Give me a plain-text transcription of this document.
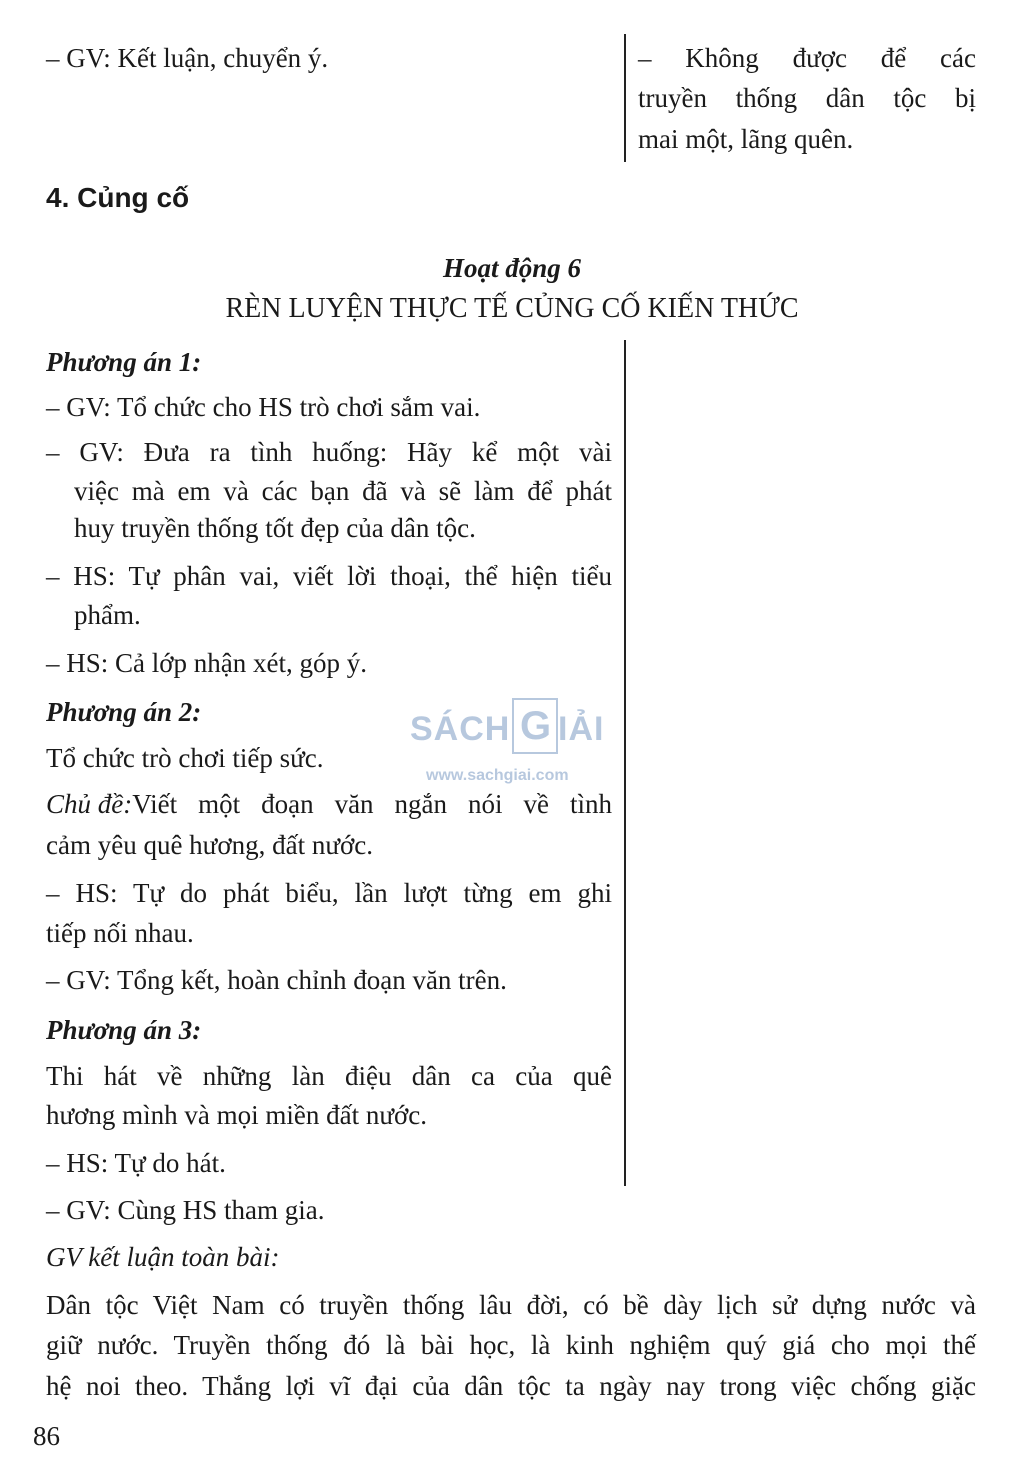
– GV: Kết luận, chuyển ý.	– Không được để các
truyền thống dân tộc bị
mai một, lãng quên.
4. Củng cố
Hoạt động 6
RÈN LUYỆN THỰC TẾ CỦNG CỐ KIẾN THỨC
Phương án 1:
– GV: Tổ chức cho HS trò chơi sắm vai.
– GV: Đưa ra tình huống: Hãy kể một vài
việc mà em và các bạn đã và sẽ làm để phát
huy truyền thống tốt đẹp của dân tộc.
– HS: Tự phân vai, viết lời thoại, thể hiện tiểu
phẩm.
– HS: Cả lớp nhận xét, góp ý.
Phương án 2:
Tổ chức trò chơi tiếp sức.
Chủ đề: Viết một đoạn văn ngắn nói về tình
cảm yêu quê hương, đất nước.
– HS: Tự do phát biểu, lần lượt từng em ghi
tiếp nối nhau.
– GV: Tổng kết, hoàn chỉnh đoạn văn trên.
Phương án 3:
Thi hát về những làn điệu dân ca của quê
hương mình và mọi miền đất nước.
– HS: Tự do hát.
– GV: Cùng HS tham gia.
GV kết luận toàn bài:
Dân tộc Việt Nam có truyền thống lâu đời, có bề dày lịch sử dựng nước và
giữ nước. Truyền thống đó là bài học, là kinh nghiệm quý giá cho mọi thế
hệ noi theo. Thắng lợi vĩ đại của dân tộc ta ngày nay trong việc chống giặc
SÁCH G IẢI
www.sachgiai.com
86
